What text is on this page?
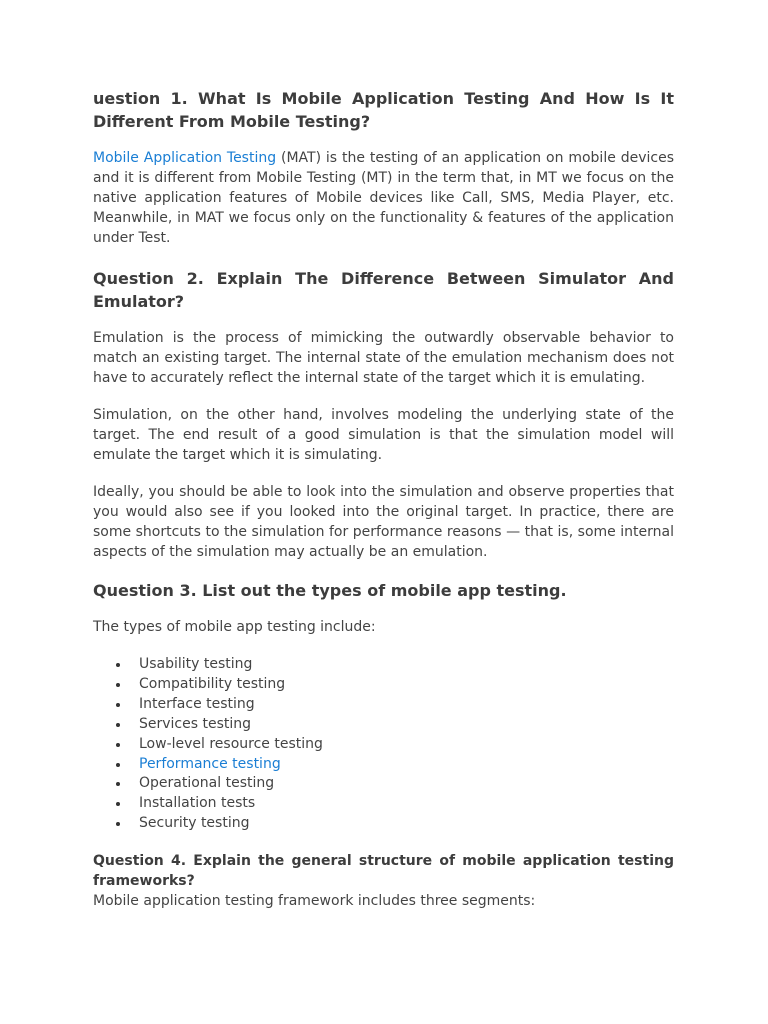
uestion 1. What Is Mobile Application Testing And How Is It Different From Mobile Testing?

Mobile Application Testing (MAT) is the testing of an application on mobile devices and it is different from Mobile Testing (MT) in the term that, in MT we focus on the native application features of Mobile devices like Call, SMS, Media Player, etc. Meanwhile, in MAT we focus only on the functionality & features of the application under Test.

Question 2. Explain The Difference Between Simulator And Emulator?

Emulation is the process of mimicking the outwardly observable behavior to match an existing target. The internal state of the emulation mechanism does not have to accurately reflect the internal state of the target which it is emulating.

Simulation, on the other hand, involves modeling the underlying state of the target. The end result of a good simulation is that the simulation model will emulate the target which it is simulating.

Ideally, you should be able to look into the simulation and observe properties that you would also see if you looked into the original target. In practice, there are some shortcuts to the simulation for performance reasons — that is, some internal aspects of the simulation may actually be an emulation.

Question 3. List out the types of mobile app testing.

The types of mobile app testing include:

Usability testing
Compatibility testing
Interface testing
Services testing
Low-level resource testing
Performance testing
Operational testing
Installation tests
Security testing
Question 4. Explain the general structure of mobile application testing frameworks?

Mobile application testing framework includes three segments:
